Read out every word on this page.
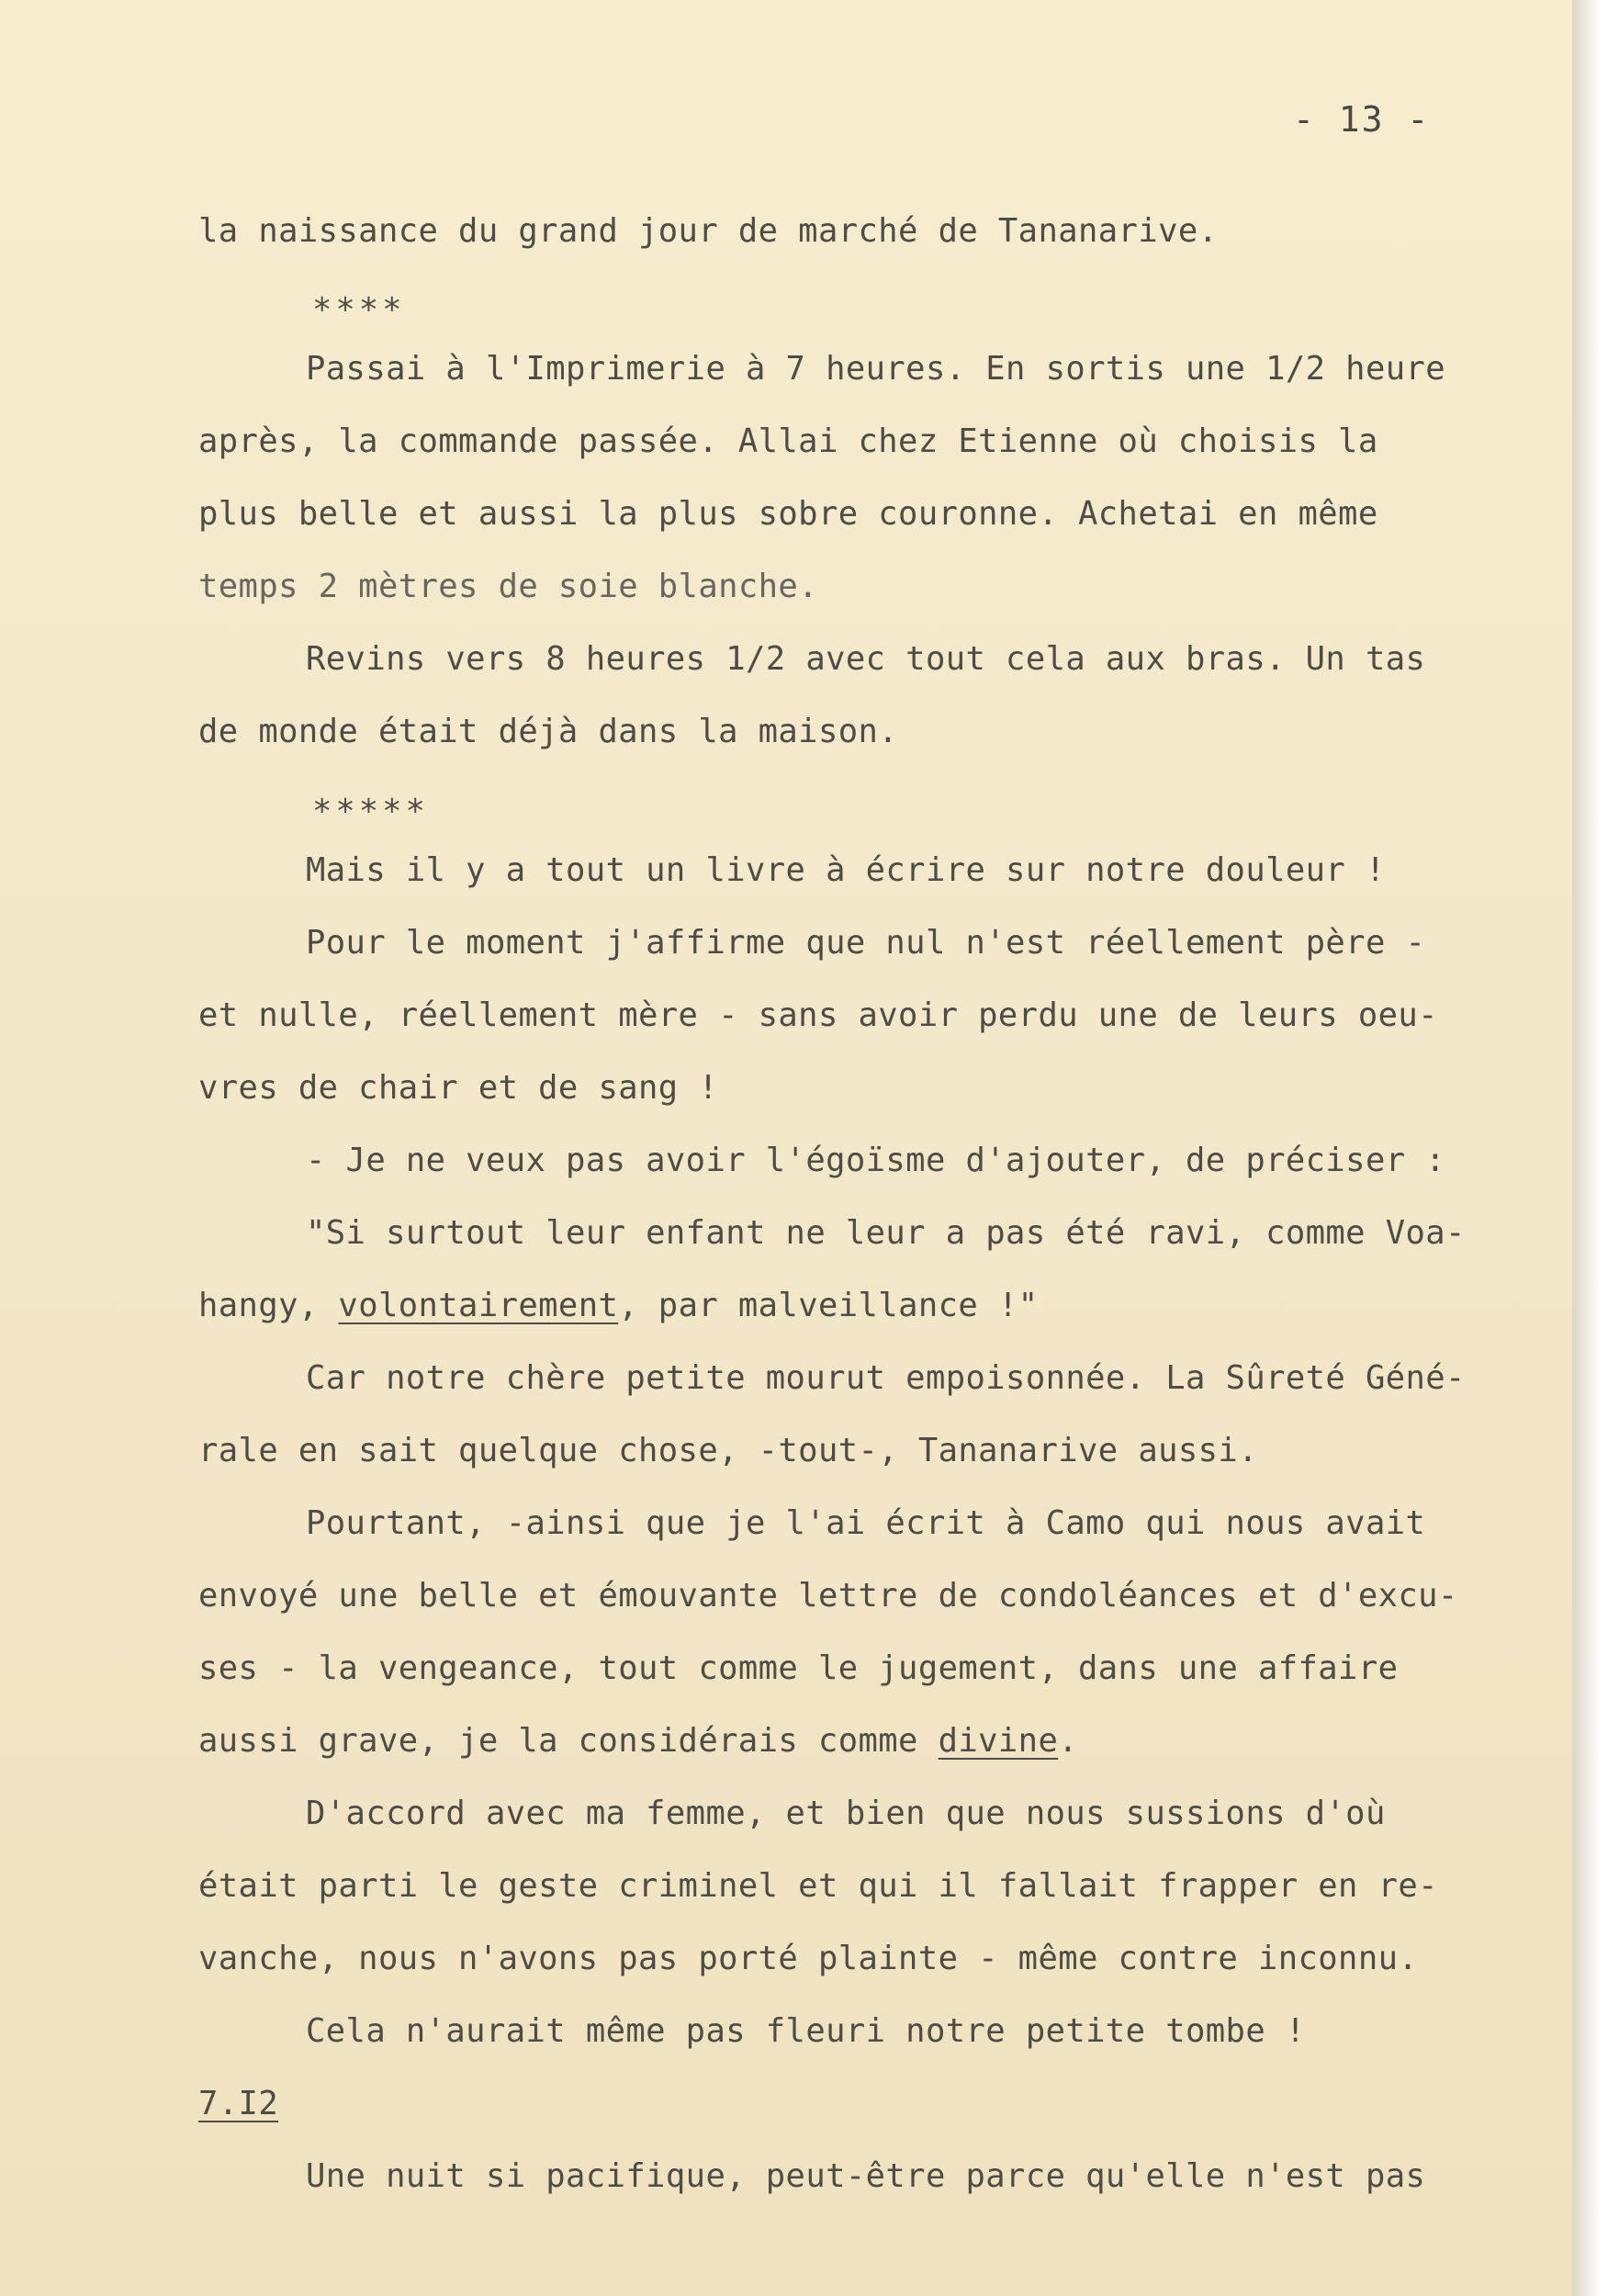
- 13 -
la naissance du grand jour de marché de Tananarive.
****
Passai à l'Imprimerie à 7 heures. En sortis une 1/2 heure
après, la commande passée. Allai chez Etienne où choisis la
plus belle et aussi la plus sobre couronne. Achetai en même
temps 2 mètres de soie blanche.
Revins vers 8 heures 1/2 avec tout cela aux bras. Un tas
de monde était déjà dans la maison.
*****
Mais il y a tout un livre à écrire sur notre douleur !
Pour le moment j'affirme que nul n'est réellement père -
et nulle, réellement mère - sans avoir perdu une de leurs oeu-
vres de chair et de sang !
- Je ne veux pas avoir l'égoïsme d'ajouter, de préciser :
"Si surtout leur enfant ne leur a pas été ravi, comme Voa-
hangy, volontairement, par malveillance !"
Car notre chère petite mourut empoisonnée. La Sûreté Géné-
rale en sait quelque chose, -tout-, Tananarive aussi.
Pourtant, -ainsi que je l'ai écrit à Camo qui nous avait
envoyé une belle et émouvante lettre de condoléances et d'excu-
ses - la vengeance, tout comme le jugement, dans une affaire
aussi grave, je la considérais comme divine.
D'accord avec ma femme, et bien que nous sussions d'où
était parti le geste criminel et qui il fallait frapper en re-
vanche, nous n'avons pas porté plainte - même contre inconnu.
Cela n'aurait même pas fleuri notre petite tombe !
7.I2
Une nuit si pacifique, peut-être parce qu'elle n'est pas
